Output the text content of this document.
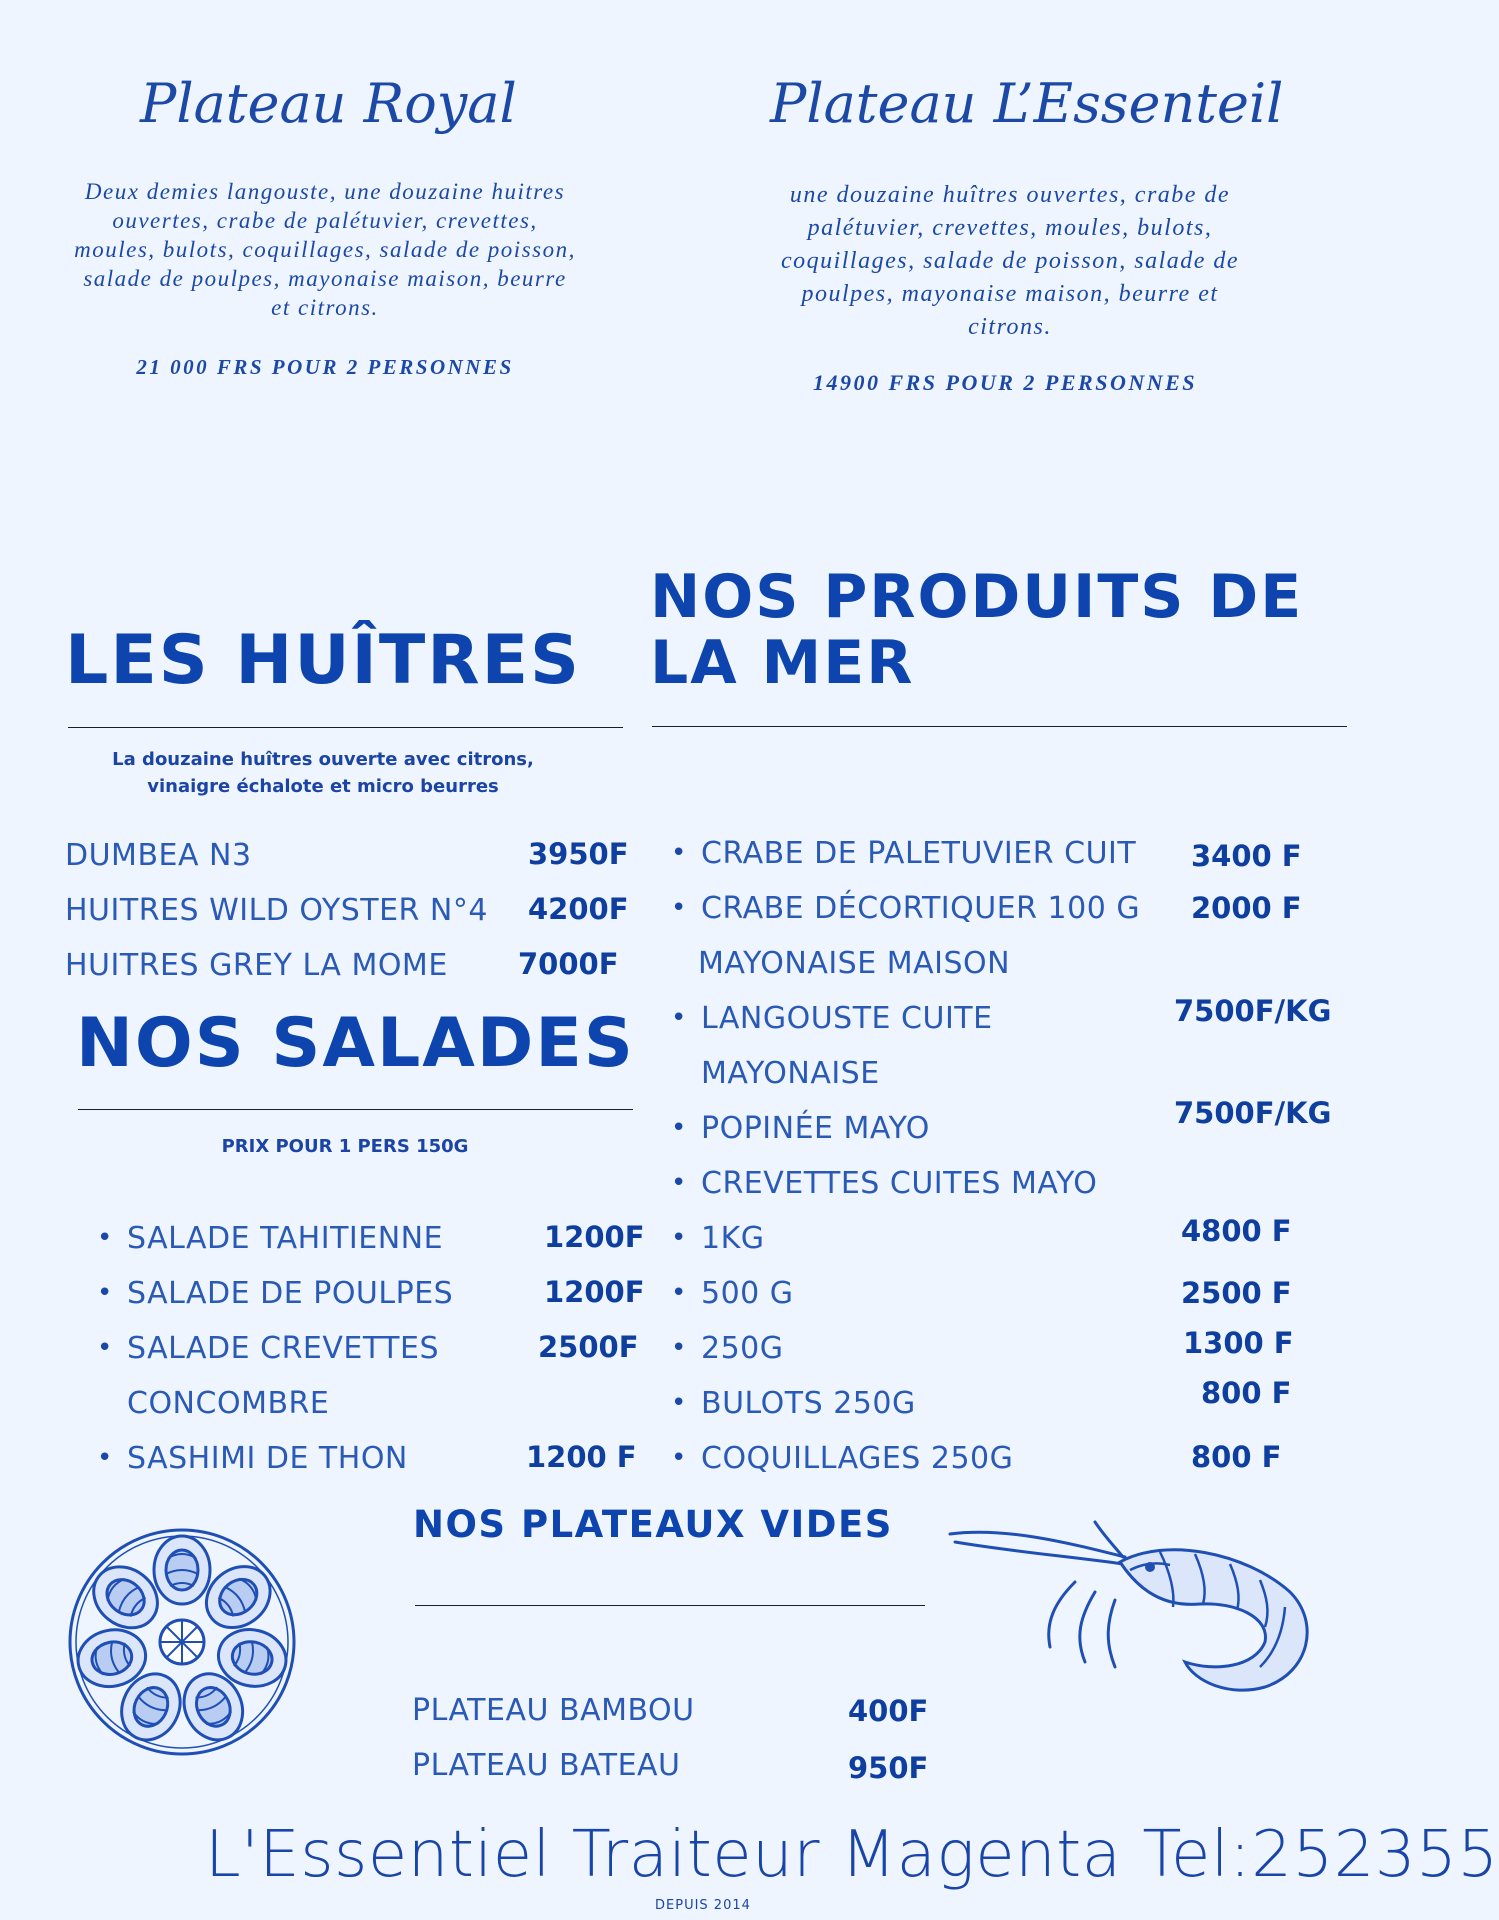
Plateau Royal
Deux demies langouste, une douzaine huitres
ouvertes, crabe de palétuvier, crevettes,
moules, bulots, coquillages, salade de poisson,
salade de poulpes, mayonaise maison, beurre
et citrons.
21 000 FRS POUR 2 PERSONNES
Plateau L’Essenteil
une douzaine huîtres ouvertes, crabe de
palétuvier, crevettes, moules, bulots,
coquillages, salade de poisson, salade de
poulpes, mayonaise maison, beurre et
citrons.
14900 FRS POUR 2 PERSONNES
LES HUÎTRES
La douzaine huîtres ouverte avec citrons,
vinaigre échalote et micro beurres
DUMBEA N3	3950F
HUITRES WILD OYSTER N°4 4200F
HUITRES GREY LA MOME 7000F
NOS SALADES
PRIX POUR 1 PERS 150G
• SALADE TAHITIENNE	1200F
• SALADE DE POULPES	1200F
• SALADE CREVETTES	2500F
CONCOMBRE
• SASHIMI DE THON	1200 F
NOS PRODUITS DE
LA MER
• CRABE DE PALETUVIER CUIT 3400 F
• CRABE DÉCORTIQUER 100 G 2000 F
MAYONAISE MAISON
• LANGOUSTE CUITE	7500F/KG
MAYONAISE
• POPINÉE MAYO	7500F/KG
• CREVETTES CUITES MAYO
• 1KG	4800 F
• 500 G	2500 F
• 250G	1300 F
• BULOTS 250G	800 F
• COQUILLAGES 250G	800 F
NOS PLATEAUX VIDES
PLATEAU BAMBOU	400F
PLATEAU BATEAU	950F
L'Essentiel Traiteur Magenta Tel:252355
DEPUIS 2014
